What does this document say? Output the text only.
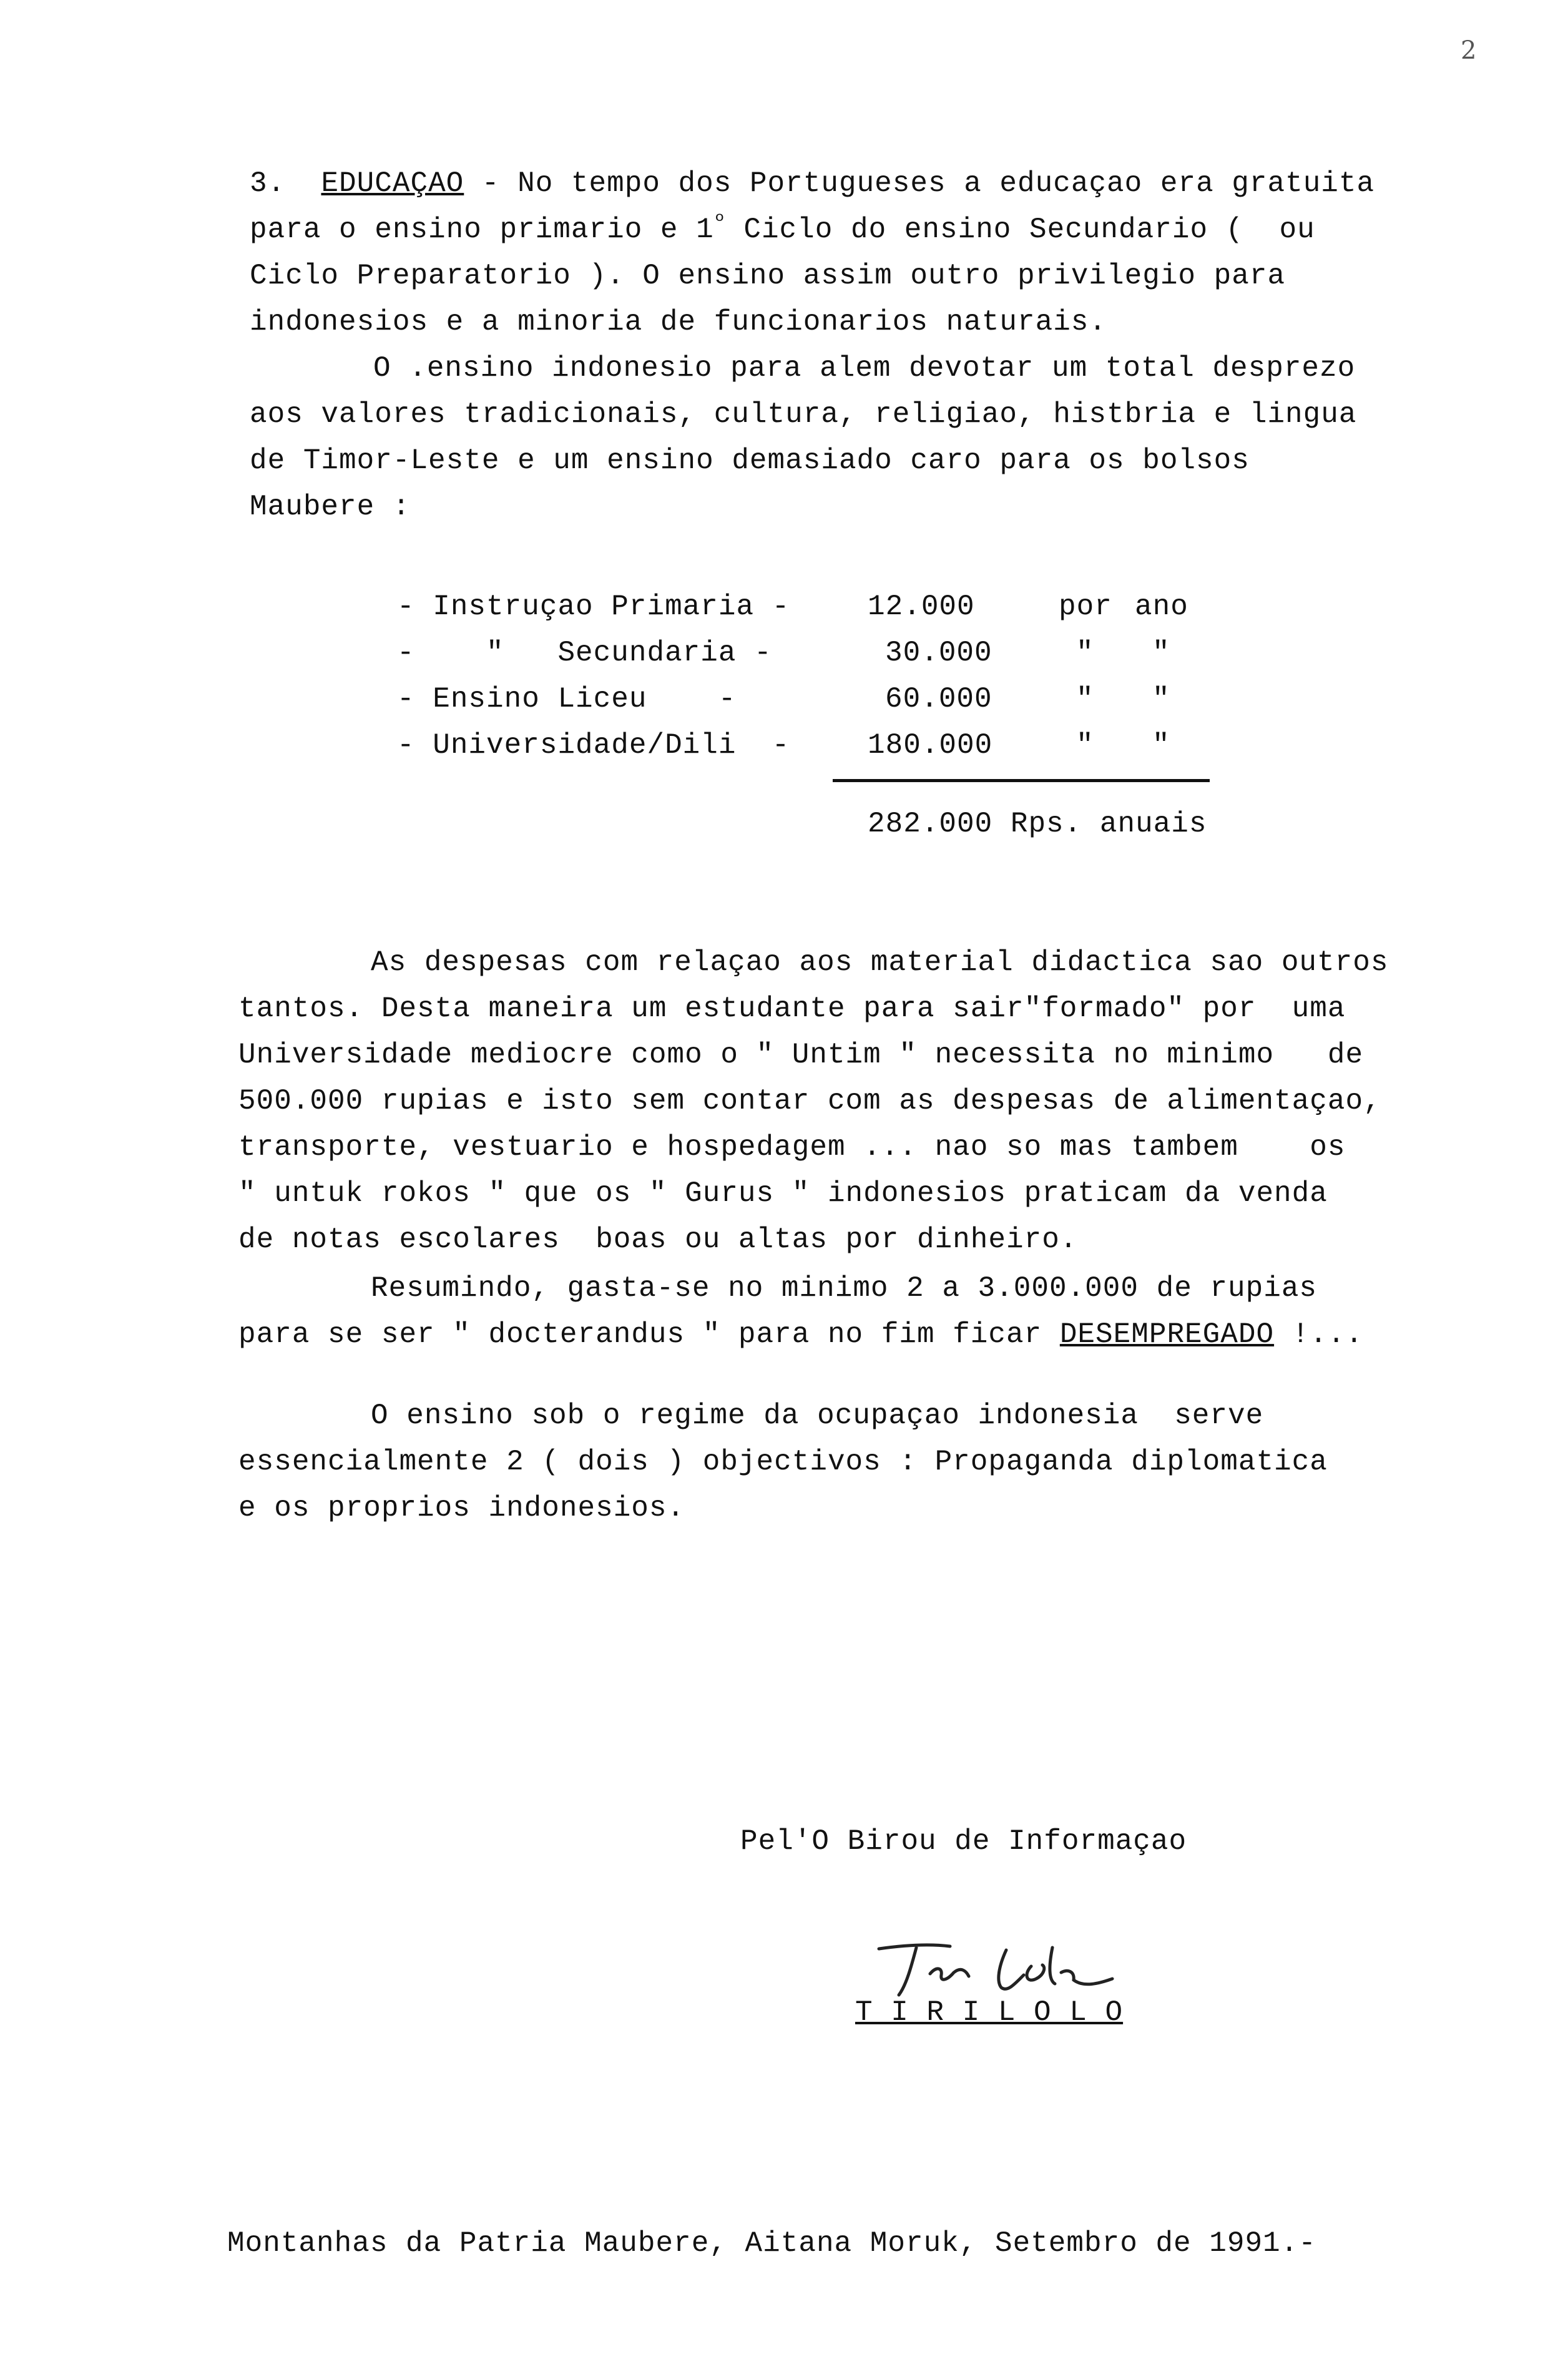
2
3. EDUCAÇAO - No tempo dos Portugueses a educaçao era gratuita
para o ensino primario e $1^º$ Ciclo do ensino Secundario (  ou
Ciclo Preparatorio ). O ensino assim outro privilegio para
indonesios e a minoria de funcionarios naturais.
O .ensino indonesio para alem devotar um total desprezo
aos valores tradicionais, cultura, religiao, histbria e lingua
de Timor-Leste e um ensino demasiado caro para os bolsos
Maubere :
- Instruçao Primaria -	12.000	por ano
-    "   Secundaria -	30.000	" "
- Ensino Liceu    -	60.000	" "
- Universidade/Dili  -	180.000	" "
282.000 Rps. anuais
As despesas com relaçao aos material didactica sao outros
tantos. Desta maneira um estudante para sair"formado" por  uma
Universidade mediocre como o " Untim " necessita no minimo   de
500.000 rupias e isto sem contar com as despesas de alimentaçao,
transporte, vestuario e hospedagem ... nao so mas tambem    os
" untuk rokos " que os " Gurus " indonesios praticam da venda
de notas escolares  boas ou altas por dinheiro.
Resumindo, gasta-se no minimo 2 a 3.000.000 de rupias
para se ser " docterandus " para no fim ficar DESEMPREGADO !...
O ensino sob o regime da ocupaçao indonesia  serve
essencialmente 2 ( dois ) objectivos : Propaganda diplomatica
e os proprios indonesios.
Pel'O Birou de Informaçao
T I R I L O L O
Montanhas da Patria Maubere, Aitana Moruk, Setembro de 1991.-
